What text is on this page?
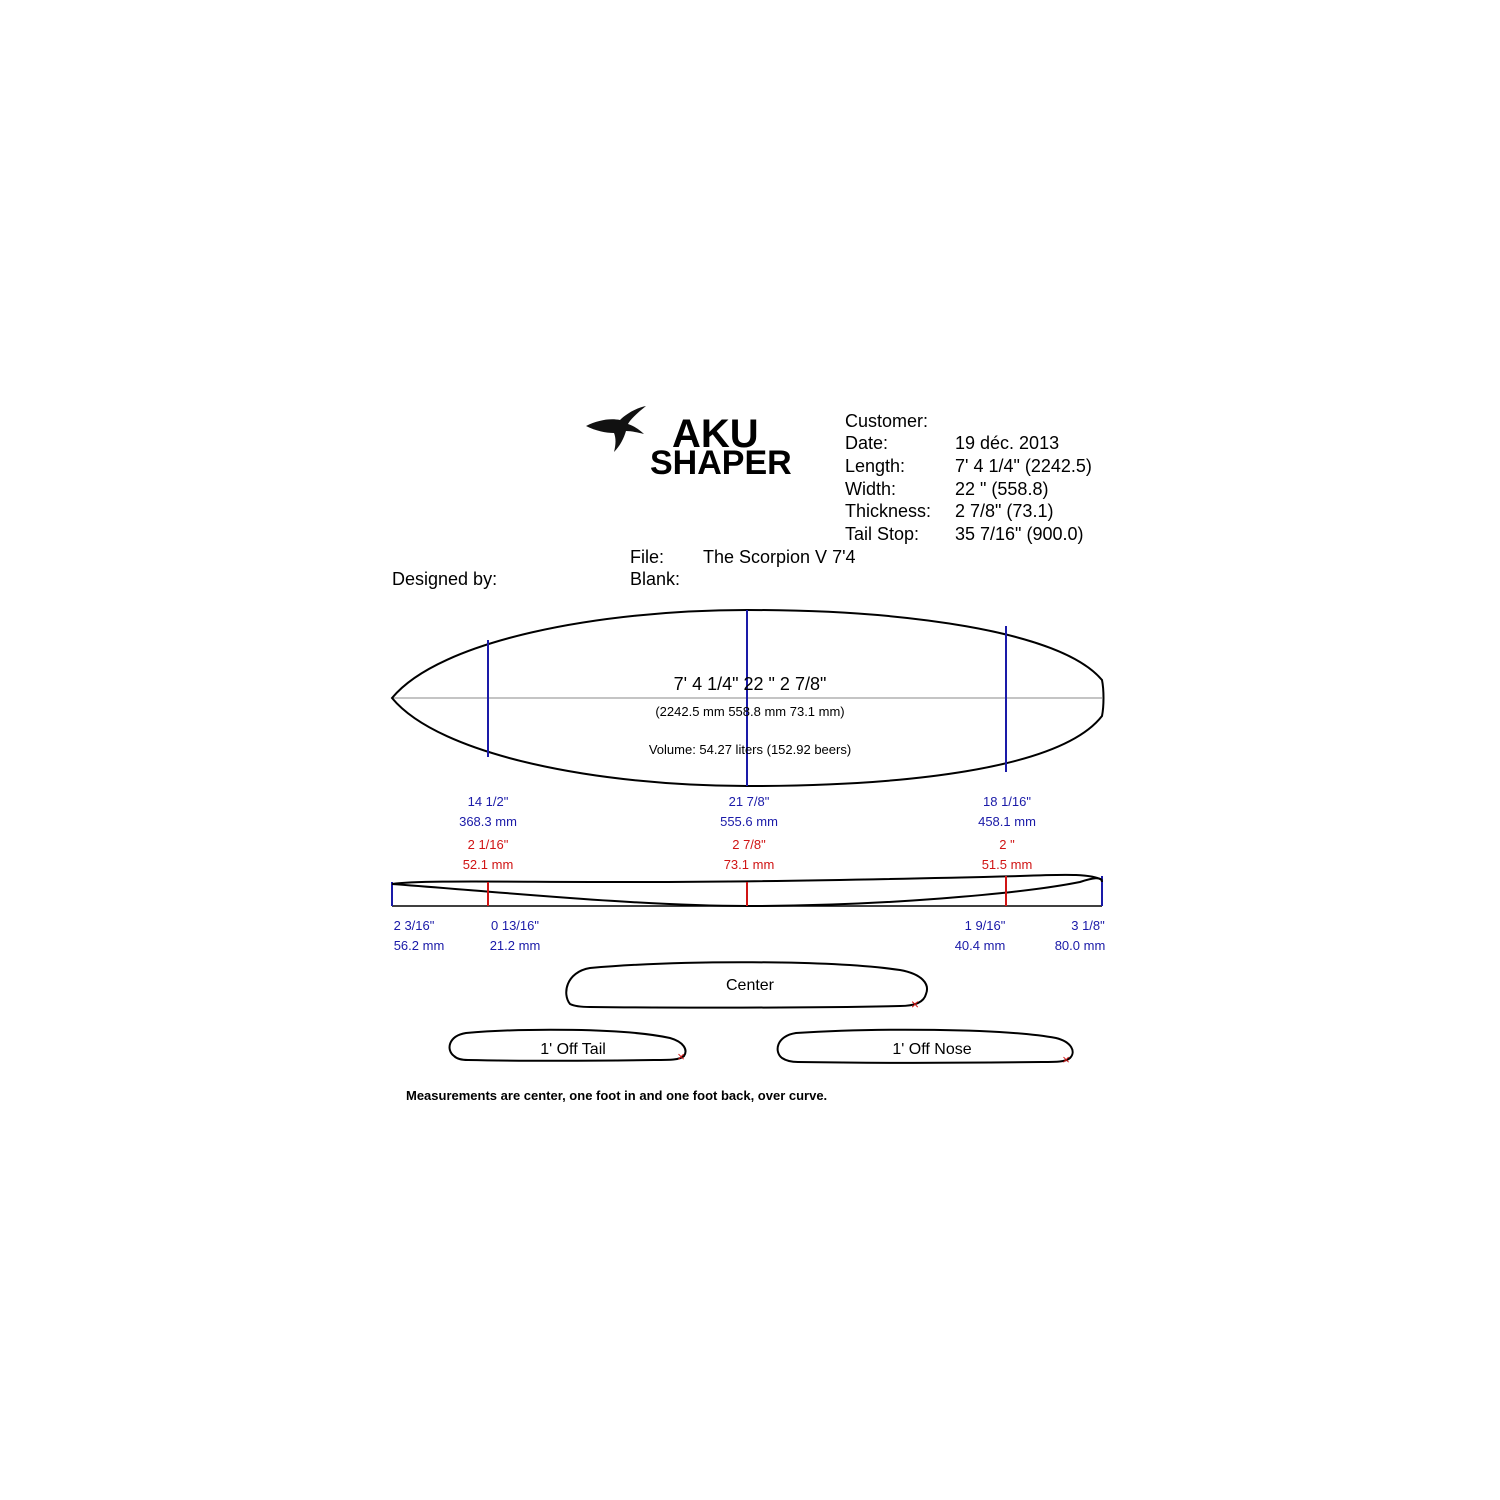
AKU
SHAPER
Customer:
Date:	19 déc. 2013
Length:	7' 4 1/4" (2242.5)
Width:	22 " (558.8)
Thickness: 2 7/8" (73.1)
Tail Stop: 35 7/16" (900.0)
File: The Scorpion V 7'4
Designed by:	Blank:
7' 4 1/4" 22 " 2 7/8"
(2242.5 mm 558.8 mm 73.1 mm)
Volume: 54.27 liters (152.92 beers)
14 1/2"
368.3 mm
21 7/8"
555.6 mm
18 1/16"
458.1 mm
2 1/16"
52.1 mm
2 7/8"
73.1 mm
2 "
51.5 mm
2 3/16"
56.2 mm
0 13/16"
21.2 mm
1 9/16"
40.4 mm
3 1/8"
80.0 mm
×
Center
×
1' Off Tail
×
1' Off Nose
Measurements are center, one foot in and one foot back, over curve.
